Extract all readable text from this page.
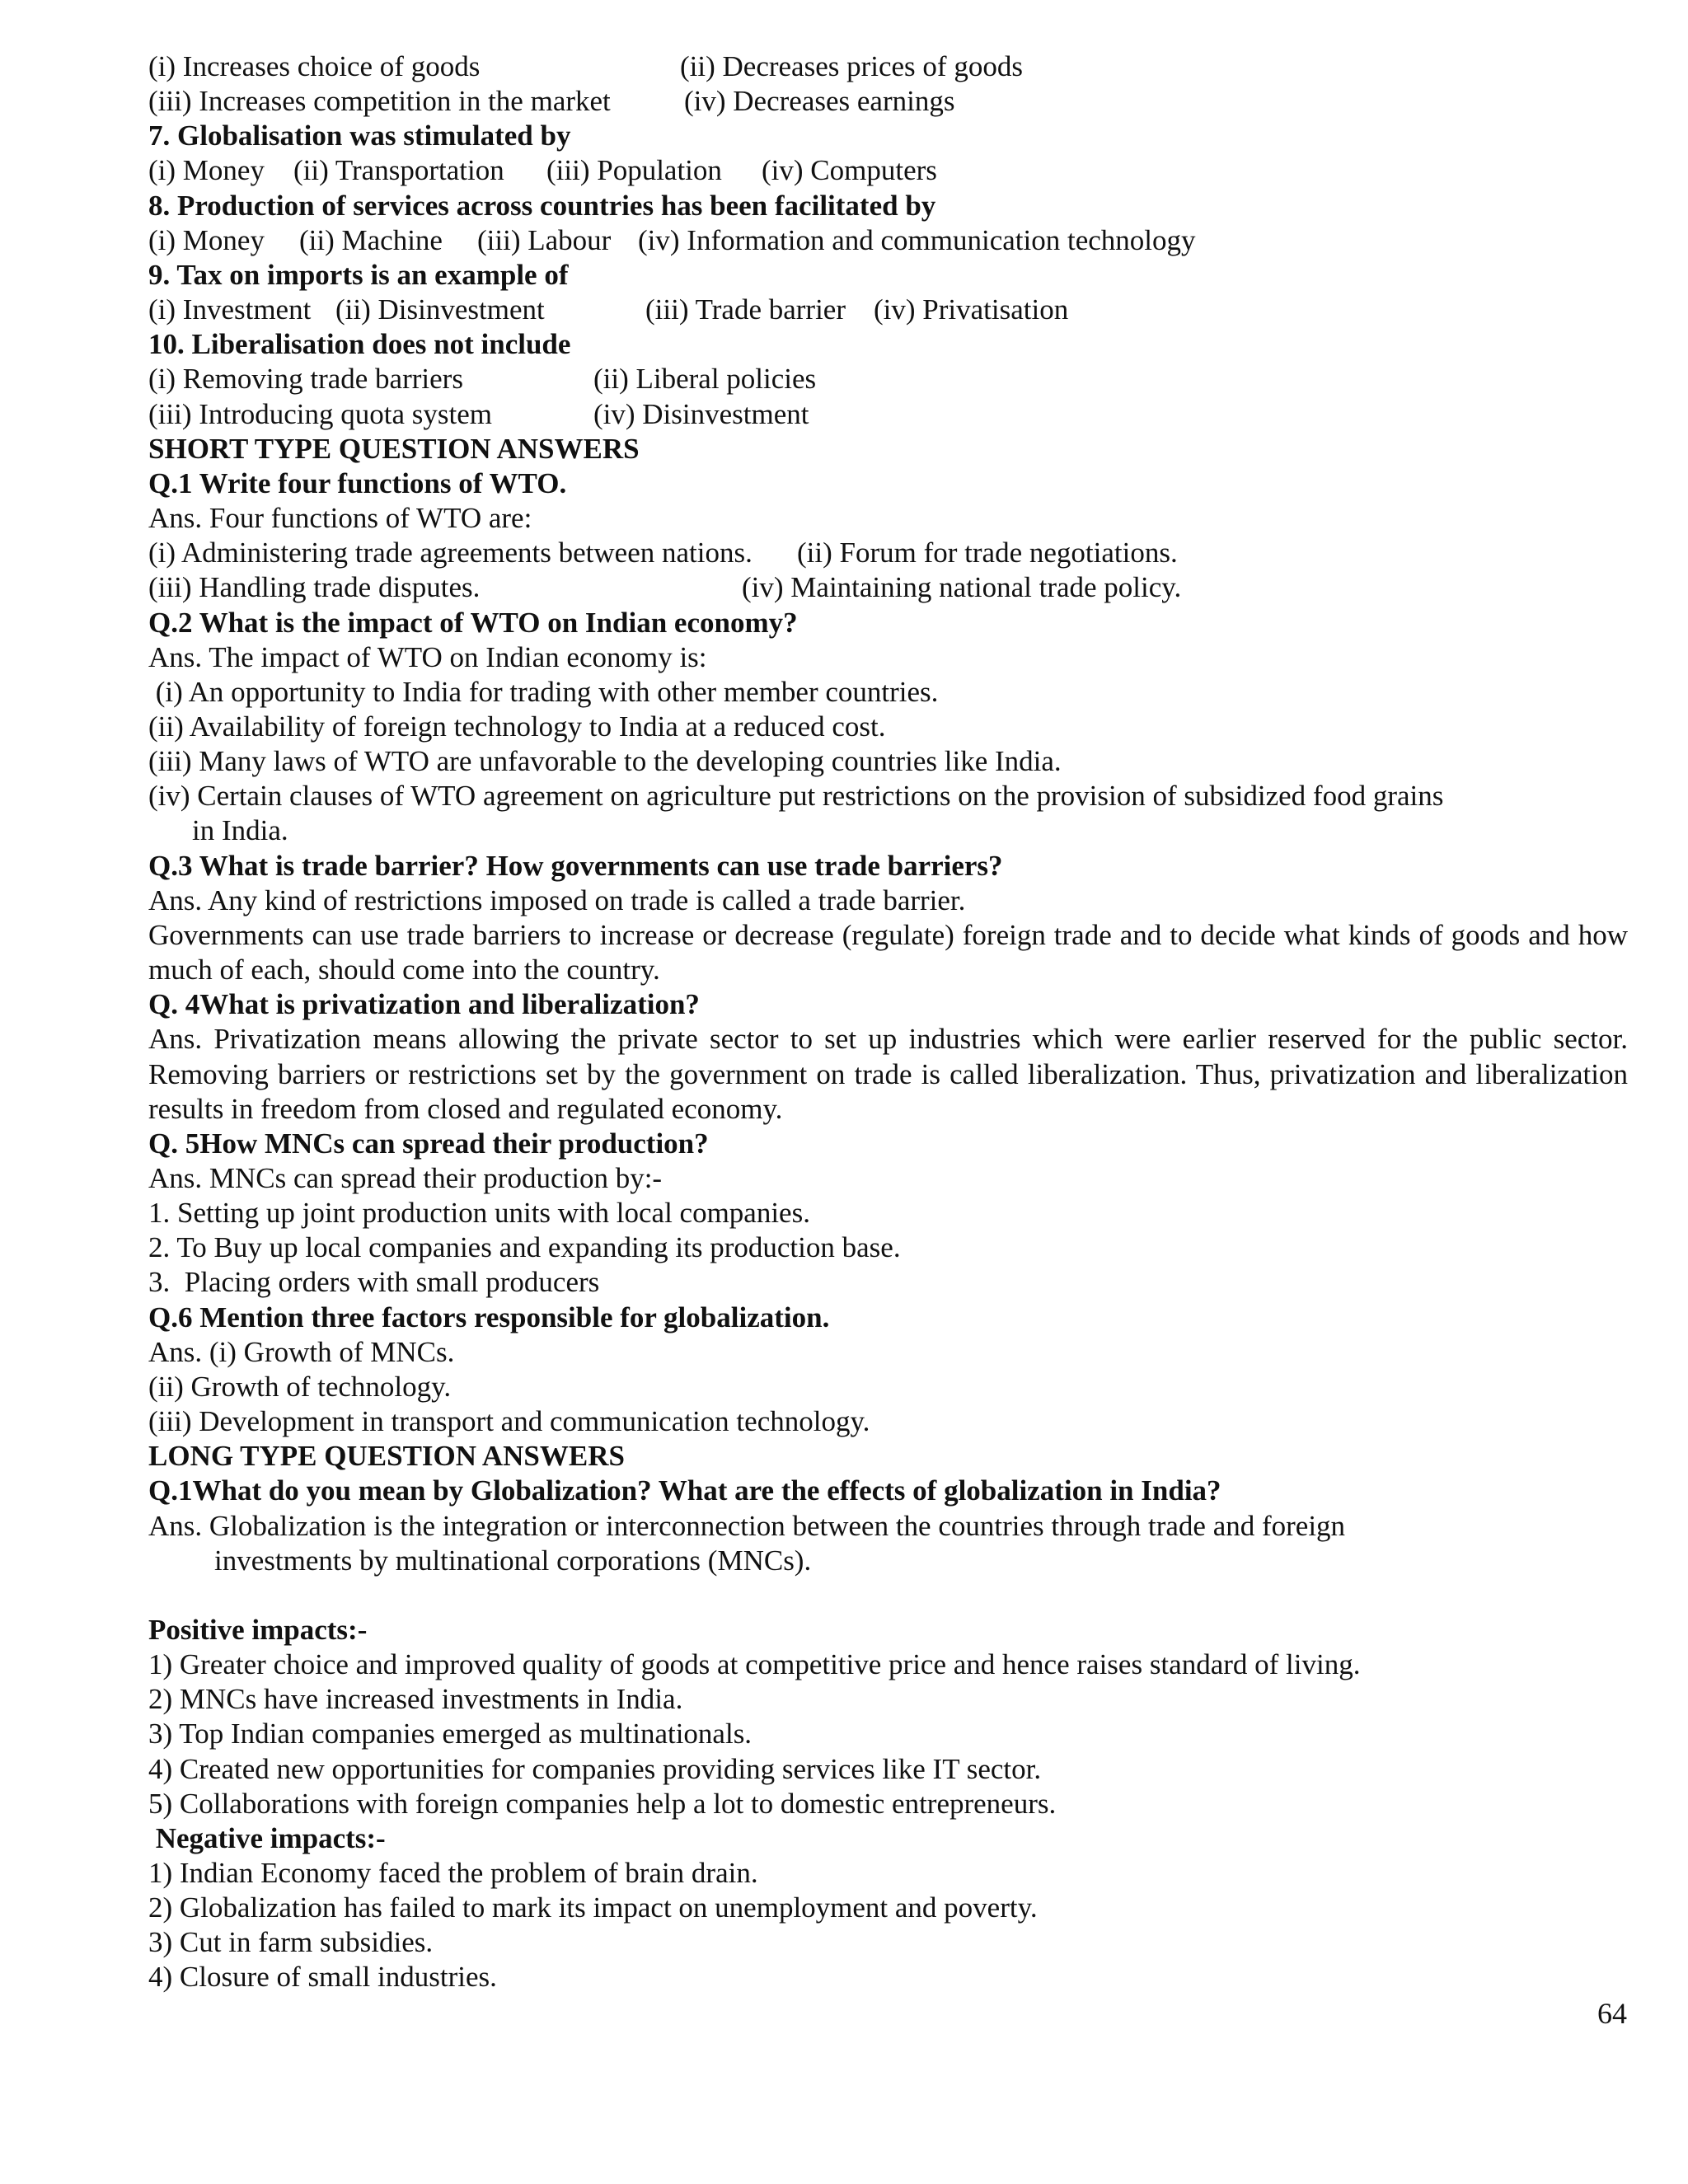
(i) Increases choice of goods	(ii) Decreases prices of goods
(iii) Increases competition in the market	(iv) Decreases earnings
7. Globalisation was stimulated by
(i) Money	(ii) Transportation	(iii) Population	(iv) Computers
8. Production of services across countries has been facilitated by
(i) Money	(ii) Machine	(iii) Labour (iv) Information and communication technology
9. Tax on imports is an example of
(i) Investment (ii) Disinvestment	(iii) Trade barrier (iv) Privatisation
10. Liberalisation does not include
(i) Removing trade barriers	(ii) Liberal policies
(iii) Introducing quota system	(iv) Disinvestment
SHORT TYPE QUESTION ANSWERS
Q.1 Write four functions of WTO.
Ans. Four functions of WTO are:
(i) Administering trade agreements between nations.	(ii) Forum for trade negotiations.
(iii) Handling trade disputes.	(iv) Maintaining national trade policy.
Q.2 What is the impact of WTO on Indian economy?
Ans. The impact of WTO on Indian economy is:
(i) An opportunity to India for trading with other member countries.
(ii) Availability of foreign technology to India at a reduced cost.
(iii) Many laws of WTO are unfavorable to the developing countries like India.
(iv) Certain clauses of WTO agreement on agriculture put restrictions on the provision of subsidized food grains
in India.
Q.3 What is trade barrier? How governments can use trade barriers?
Ans. Any kind of restrictions imposed on trade is called a trade barrier.
Governments can use trade barriers to increase or decrease (regulate) foreign trade and to decide what kinds of goods and how much of each, should come into the country.
Q. 4What is privatization and liberalization?
Ans. Privatization means allowing the private sector to set up industries which were earlier reserved for the public sector. Removing barriers or restrictions set by the government on trade is called liberalization. Thus, privatization and liberalization results in freedom from closed and regulated economy.
Q. 5How MNCs can spread their production?
Ans. MNCs can spread their production by:-
1. Setting up joint production units with local companies.
2. To Buy up local companies and expanding its production base.
3.  Placing orders with small producers
Q.6 Mention three factors responsible for globalization.
Ans. (i) Growth of MNCs.
(ii) Growth of technology.
(iii) Development in transport and communication technology.
LONG TYPE QUESTION ANSWERS
Q.1What do you mean by Globalization? What are the effects of globalization in India?
Ans. Globalization is the integration or interconnection between the countries through trade and foreign
investments by multinational corporations (MNCs).
Positive impacts:-
1) Greater choice and improved quality of goods at competitive price and hence raises standard of living.
2) MNCs have increased investments in India.
3) Top Indian companies emerged as multinationals.
4) Created new opportunities for companies providing services like IT sector.
5) Collaborations with foreign companies help a lot to domestic entrepreneurs.
Negative impacts:-
1) Indian Economy faced the problem of brain drain.
2) Globalization has failed to mark its impact on unemployment and poverty.
3) Cut in farm subsidies.
4) Closure of small industries.
64
